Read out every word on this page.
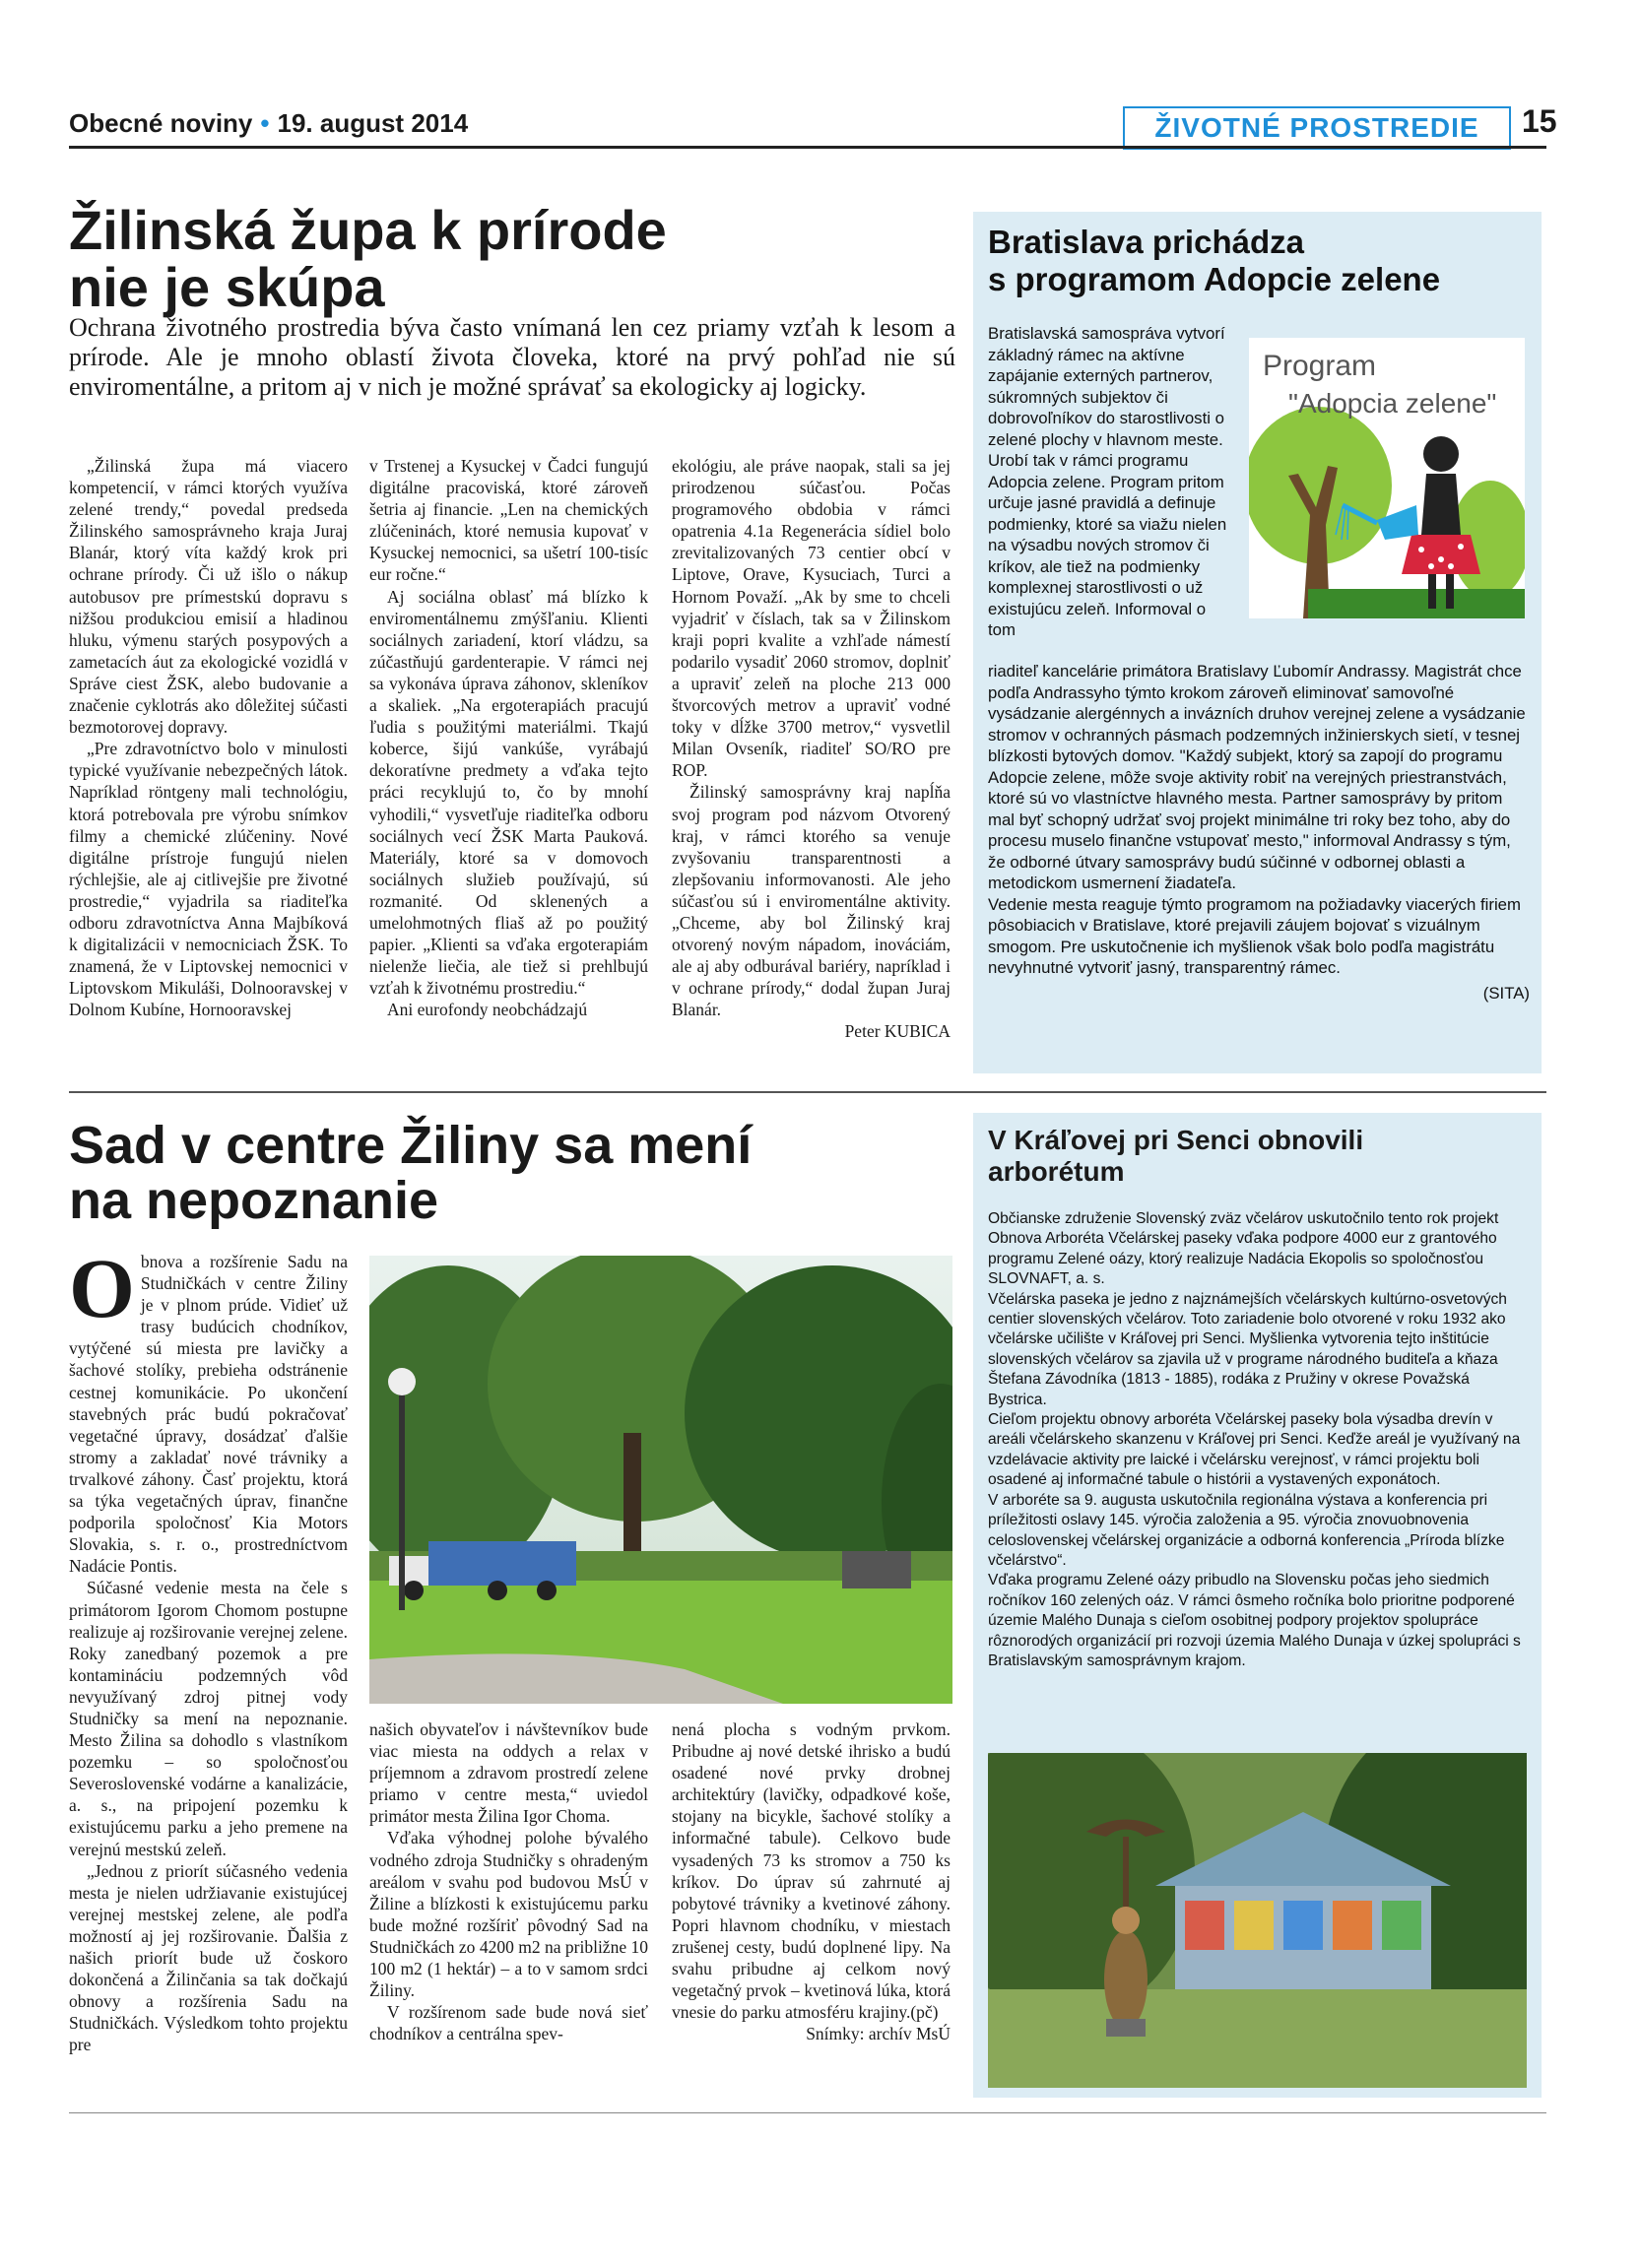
Obecné noviny • 19. august 2014	ŽIVOTNÉ PROSTREDIE	15
Žilinská župa k prírode
nie je skúpa
Ochrana životného prostredia býva často vnímaná len cez priamy vzťah k lesom a prírode. Ale je mnoho oblastí života človeka, ktoré na prvý pohľad nie sú enviromentálne, a pritom aj v nich je možné správať sa ekologicky aj logicky.

„Žilinská župa má viacero kompetencií, v rámci ktorých využíva zelené trendy,“ povedal predseda Žilinského samosprávneho kraja Juraj Blanár, ktorý víta každý krok pri ochrane prírody. Či už išlo o nákup autobusov pre prímestskú dopravu s nižšou produkciou emisií a hladinou hluku, výmenu starých posypových a zametacích áut za ekologické vozidlá v Správe ciest ŽSK, alebo budovanie a značenie cyklotrás ako dôležitej súčasti bezmotorovej dopravy.

„Pre zdravotníctvo bolo v minulosti typické využívanie nebezpečných látok. Napríklad röntgeny mali technológiu, ktorá potrebovala pre výrobu snímkov filmy a chemické zlúčeniny. Nové digitálne prístroje fungujú nielen rýchlejšie, ale aj citlivejšie pre životné prostredie,“ vyjadrila sa riaditeľka odboru zdravotníctva Anna Majbíková k digitalizácii v nemocniciach ŽSK. To znamená, že v Liptovskej nemocnici v Liptovskom Mikuláši, Dolnooravskej v Dolnom Kubíne, Hornooravskej

v Trstenej a Kysuckej v Čadci fungujú digitálne pracoviská, ktoré zároveň šetria aj financie. „Len na chemických zlúčeninách, ktoré nemusia kupovať v Kysuckej nemocnici, sa ušetrí 100-tisíc eur ročne.“

Aj sociálna oblasť má blízko k enviromentálnemu zmýšľaniu. Klienti sociálnych zariadení, ktorí vládzu, sa zúčastňujú gardenterapie. V rámci nej sa vykonáva úprava záhonov, skleníkov a skaliek. „Na ergoterapiách pracujú ľudia s použitými materiálmi. Tkajú koberce, šijú vankúše, vyrábajú dekoratívne predmety a vďaka tejto práci recyklujú to, čo by mnohí vyhodili,“ vysvetľuje riaditeľka odboru sociálnych vecí ŽSK Marta Pauková. Materiály, ktoré sa v domovoch sociálnych služieb používajú, sú rozmanité. Od sklenených a umelohmotných fliaš až po použitý papier. „Klienti sa vďaka ergoterapiám nielenže liečia, ale tiež si prehlbujú vzťah k životnému prostrediu.“

Ani eurofondy neobchádzajú

ekológiu, ale práve naopak, stali sa jej prirodzenou súčasťou. Počas programového obdobia v rámci opatrenia 4.1a Regenerácia sídiel bolo zrevitalizovaných 73 centier obcí v Liptove, Orave, Kysuciach, Turci a Hornom Považí. „Ak by sme to chceli vyjadriť v číslach, tak sa v Žilinskom kraji popri kvalite a vzhľade námestí podarilo vysadiť 2060 stromov, doplniť a upraviť zeleň na ploche 213 000 štvorcových metrov a upraviť vodné toky v dĺžke 3700 metrov,“ vysvetlil Milan Ovseník, riaditeľ SO/RO pre ROP.

Žilinský samosprávny kraj napĺňa svoj program pod názvom Otvorený kraj, v rámci ktorého sa venuje zvyšovaniu transparentnosti a zlepšovaniu informovanosti. Ale jeho súčasťou sú i enviromentálne aktivity. „Chceme, aby bol Žilinský kraj otvorený novým nápadom, inováciám, ale aj aby odburával bariéry, napríklad i v ochrane prírody,“ dodal župan Juraj Blanár.

Peter KUBICA
Bratislava prichádza
s programom Adopcie zelene
Bratislavská samospráva vytvorí základný rámec na aktívne zapájanie externých partnerov, súkromných subjektov či dobrovoľníkov do starostlivosti o zelené plochy v hlavnom meste. Urobí tak v rámci programu Adopcia zelene. Program pritom určuje jasné pravidlá a definuje podmienky, ktoré sa viažu nielen na výsadbu nových stromov či kríkov, ale tiež na podmienky komplexnej starostlivosti o už existujúcu zeleň. Informoval o tom
Program
"Adopcia zelene"

riaditeľ kancelárie primátora Bratislavy Ľubomír Andrassy. Magistrát chce podľa Andrassyho týmto krokom zároveň eliminovať samovoľné vysádzanie alergénnych a invázních druhov verejnej zelene a vysádzanie stromov v ochranných pásmach podzemných inžinierskych sietí, v tesnej blízkosti bytových domov. "Každý subjekt, ktorý sa zapojí do programu Adopcie zelene, môže svoje aktivity robiť na verejných priestranstvách, ktoré sú vo vlastníctve hlavného mesta. Partner samosprávy by pritom mal byť schopný udržať svoj projekt minimálne tri roky bez toho, aby do procesu muselo finančne vstupovať mesto," informoval Andrassy s tým, že odborné útvary samosprávy budú súčinné v odbornej oblasti a metodickom usmernení žiadateľa.

Vedenie mesta reaguje týmto programom na požiadavky viacerých firiem pôsobiacich v Bratislave, ktoré prejavili záujem bojovať s vizuálnym smogom. Pre uskutočnenie ich myšlienok však bolo podľa magistrátu nevyhnutné vytvoriť jasný, transparentný rámec.

(SITA)

Sad v centre Žiliny sa mení
na nepoznanie
O bnova a rozšírenie Sadu na Studničkách v centre Žiliny je v plnom prúde. Vidieť už trasy budúcich chodníkov, vytýčené sú miesta pre lavičky a šachové stolíky, prebieha odstránenie cestnej komunikácie. Po ukončení stavebných prác budú pokračovať vegetačné úpravy, dosádzať ďalšie stromy a zakladať nové trávniky a trvalkové záhony. Časť projektu, ktorá sa týka vegetačných úprav, finančne podporila spoločnosť Kia Motors Slovakia, s. r. o., prostredníctvom Nadácie Pontis.

Súčasné vedenie mesta na čele s primátorom Igorom Chomom postupne realizuje aj rozširovanie verejnej zelene. Roky zanedbaný pozemok a pre kontamináciu podzemných vôd nevyužívaný zdroj pitnej vody Studničky sa mení na nepoznanie. Mesto Žilina sa dohodlo s vlastníkom pozemku – so spoločnosťou Severoslovenské vodárne a kanalizácie, a. s., na pripojení pozemku k existujúcemu parku a jeho premene na verejnú mestskú zeleň.

„Jednou z priorít súčasného vedenia mesta je nielen udržiavanie existujúcej verejnej mestskej zelene, ale podľa možností aj jej rozširovanie. Ďalšia z našich priorít bude už čoskoro dokončená a Žilinčania sa tak dočkajú obnovy a rozšírenia Sadu na Studničkách. Výsledkom tohto projektu pre

našich obyvateľov i návštevníkov bude viac miesta na oddych a relax v príjemnom a zdravom prostredí zelene priamo v centre mesta,“ uviedol primátor mesta Žilina Igor Choma.

Vďaka výhodnej polohe bývalého vodného zdroja Studničky s ohradeným areálom v svahu pod budovou MsÚ v Žiline a blízkosti k existujúcemu parku bude možné rozšíriť pôvodný Sad na Studničkách zo 4200 m2 na približne 10 100 m2 (1 hektár) – a to v samom srdci Žiliny.

V rozšírenom sade bude nová sieť chodníkov a centrálna spev-

nená plocha s vodným prvkom. Pribudne aj nové detské ihrisko a budú osadené nové prvky drobnej architektúry (lavičky, odpadkové koše, stojany na bicykle, šachové stolíky a informačné tabule). Celkovo bude vysadených 73 ks stromov a 750 ks kríkov. Do úprav sú zahrnuté aj pobytové trávniky a kvetinové záhony. Popri hlavnom chodníku, v miestach zrušenej cesty, budú doplnené lipy. Na svahu pribudne aj celkom nový vegetačný prvok – kvetinová lúka, ktorá vnesie do parku atmosféru krajiny.(pč)

Snímky: archív MsÚ
V Kráľovej pri Senci obnovili
arborétum

Občianske združenie Slovenský zväz včelárov uskutočnilo tento rok projekt Obnova Arboréta Včelárskej paseky vďaka podpore 4000 eur z grantového programu Zelené oázy, ktorý realizuje Nadácia Ekopolis so spoločnosťou SLOVNAFT, a. s.

Včelárska paseka je jedno z najznámejších včelárskych kultúrno-osvetových centier slovenských včelárov. Toto zariadenie bolo otvorené v roku 1932 ako včelárske učilište v Kráľovej pri Senci. Myšlienka vytvorenia tejto inštitúcie slovenských včelárov sa zjavila už v programe národného buditeľa a kňaza Štefana Závodníka (1813 - 1885), rodáka z Pružiny v okrese Považská Bystrica.

Cieľom projektu obnovy arboréta Včelárskej paseky bola výsadba drevín v areáli včelárskeho skanzenu v Kráľovej pri Senci. Keďže areál je využívaný na vzdelávacie aktivity pre laické i včelársku verejnosť, v rámci projektu boli osadené aj informačné tabule o histórii a vystavených exponátoch.

V arboréte sa 9. augusta uskutočnila regionálna výstava a konferencia pri príležitosti oslavy 145. výročia založenia a 95. výročia znovuobnovenia celoslovenskej včelárskej organizácie a odborná konferencia „Príroda blízke včelárstvo“.

Vďaka programu Zelené oázy pribudlo na Slovensku počas jeho siedmich ročníkov 160 zelených oáz. V rámci ôsmeho ročníka bolo prioritne podporené územie Malého Dunaja s cieľom osobitnej podpory projektov spolupráce rôznorodých organizácií pri rozvoji územia Malého Dunaja v úzkej spolupráci s Bratislavským samosprávnym krajom.
